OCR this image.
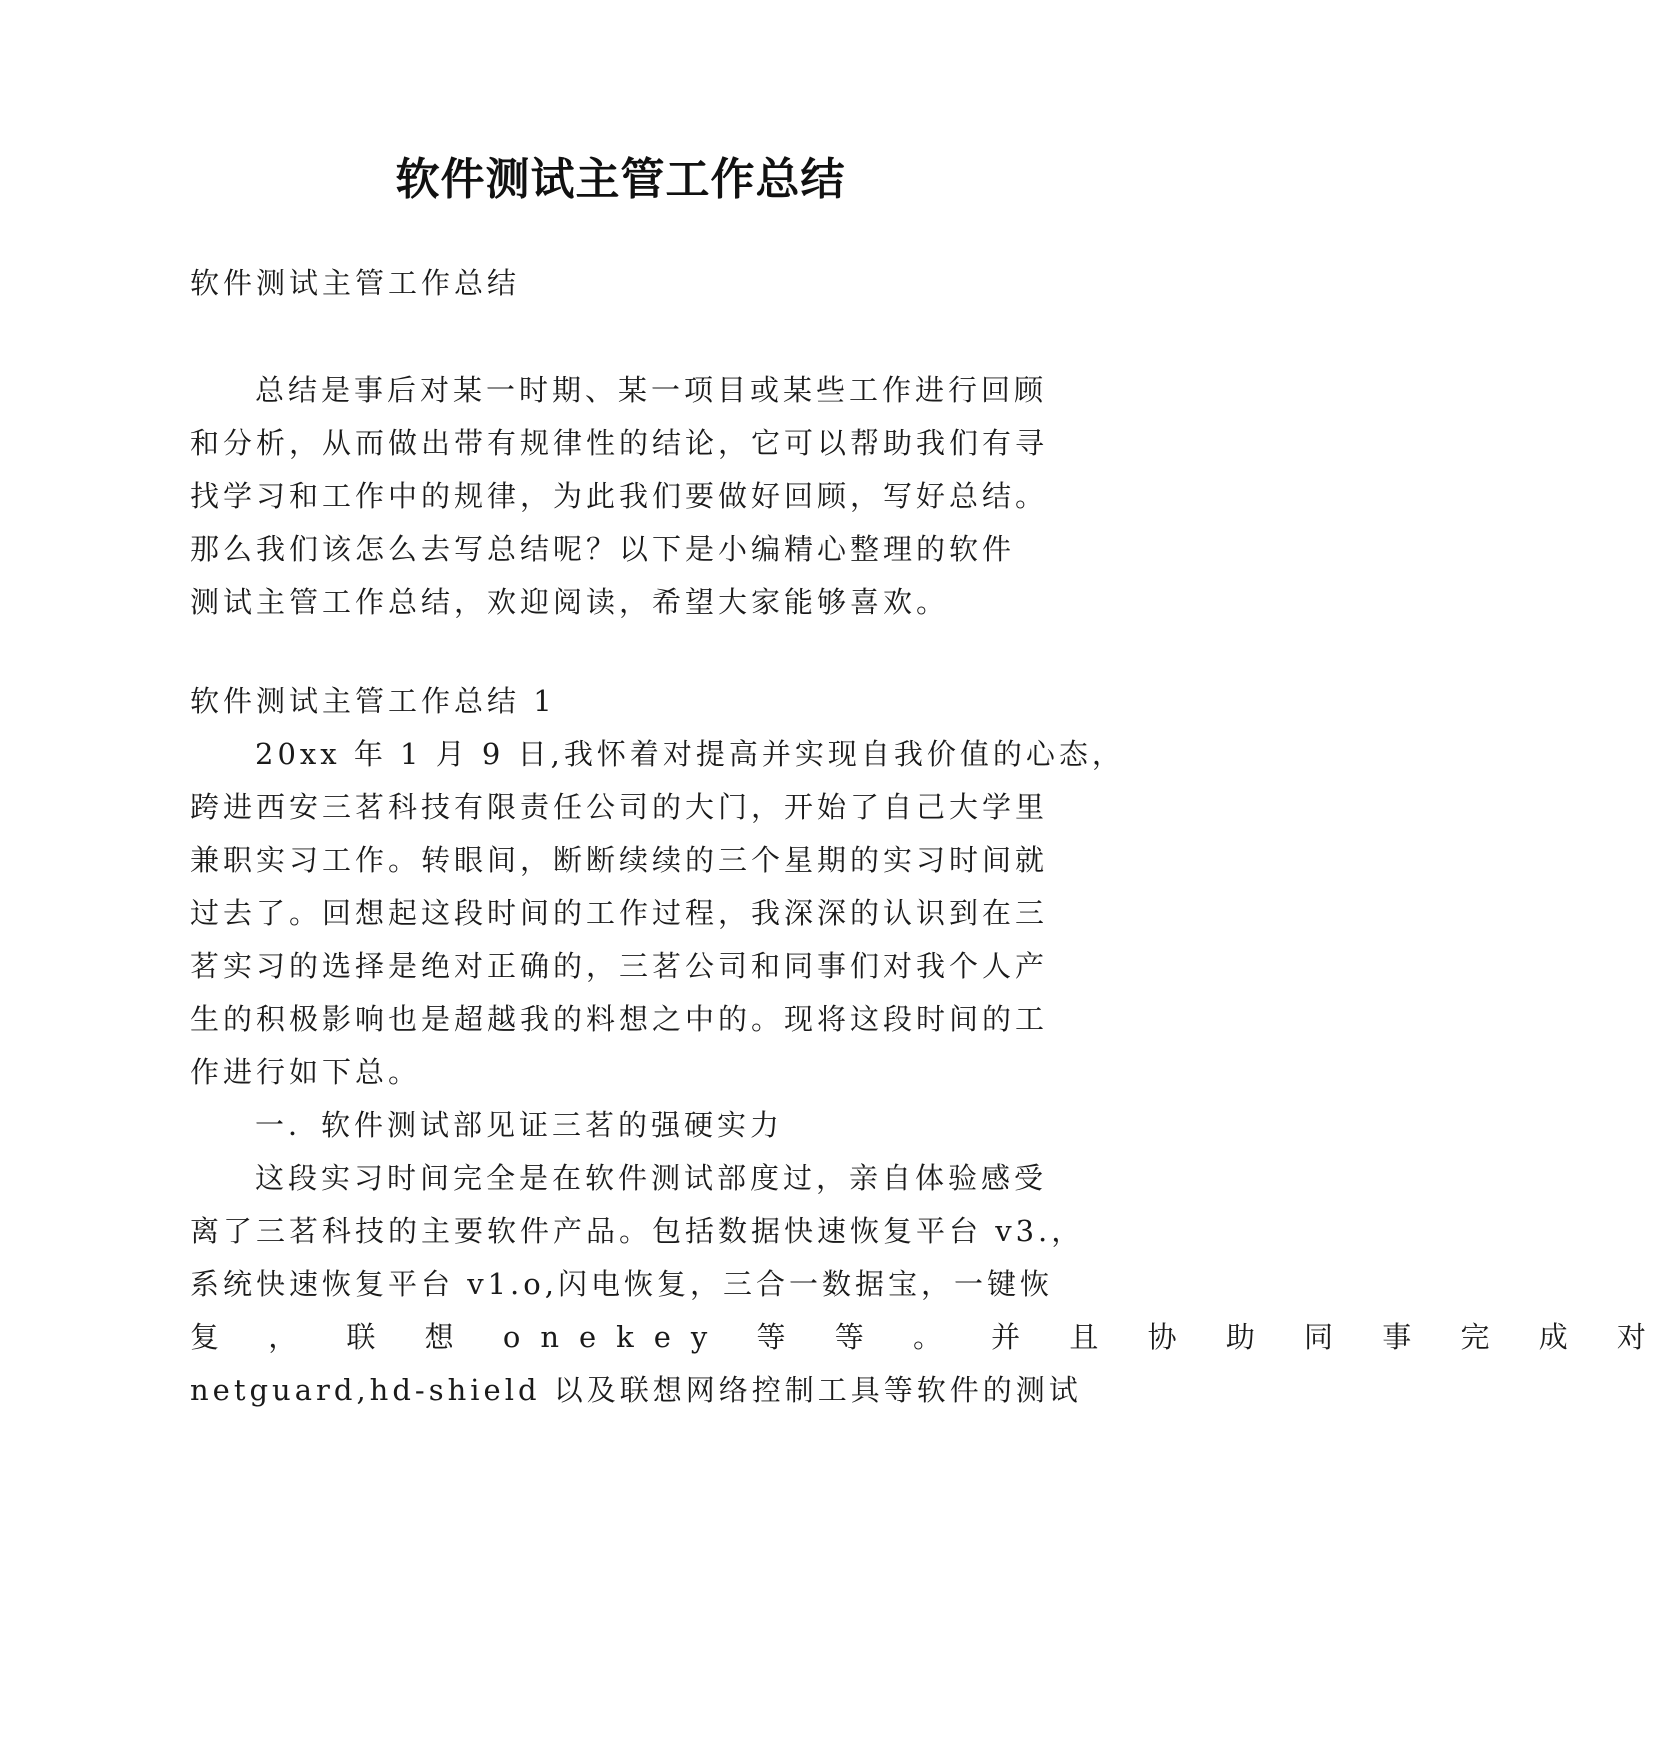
软件测试主管工作总结
软件测试主管工作总结
总结是事后对某一时期、某一项目或某些工作进行回顾
和分析，从而做出带有规律性的结论，它可以帮助我们有寻
找学习和工作中的规律，为此我们要做好回顾，写好总结。
那么我们该怎么去写总结呢？以下是小编精心整理的软件
测试主管工作总结，欢迎阅读，希望大家能够喜欢。
软件测试主管工作总结 1
20xx 年 1 月 9 日,我怀着对提高并实现自我价值的心态，
跨进西安三茗科技有限责任公司的大门，开始了自己大学里
兼职实习工作。转眼间，断断续续的三个星期的实习时间就
过去了。回想起这段时间的工作过程，我深深的认识到在三
茗实习的选择是绝对正确的，三茗公司和同事们对我个人产
生的积极影响也是超越我的料想之中的。现将这段时间的工
作进行如下总。
一．软件测试部见证三茗的强硬实力
这段实习时间完全是在软件测试部度过，亲自体验感受
离了三茗科技的主要软件产品。包括数据快速恢复平台 v3.，
系统快速恢复平台 v1.o,闪电恢复，三合一数据宝，一键恢
复 ， 联 想 onekey 等 等 。 并 且 协 助 同 事 完 成 对
netguard,hd-shield 以及联想网络控制工具等软件的测试
